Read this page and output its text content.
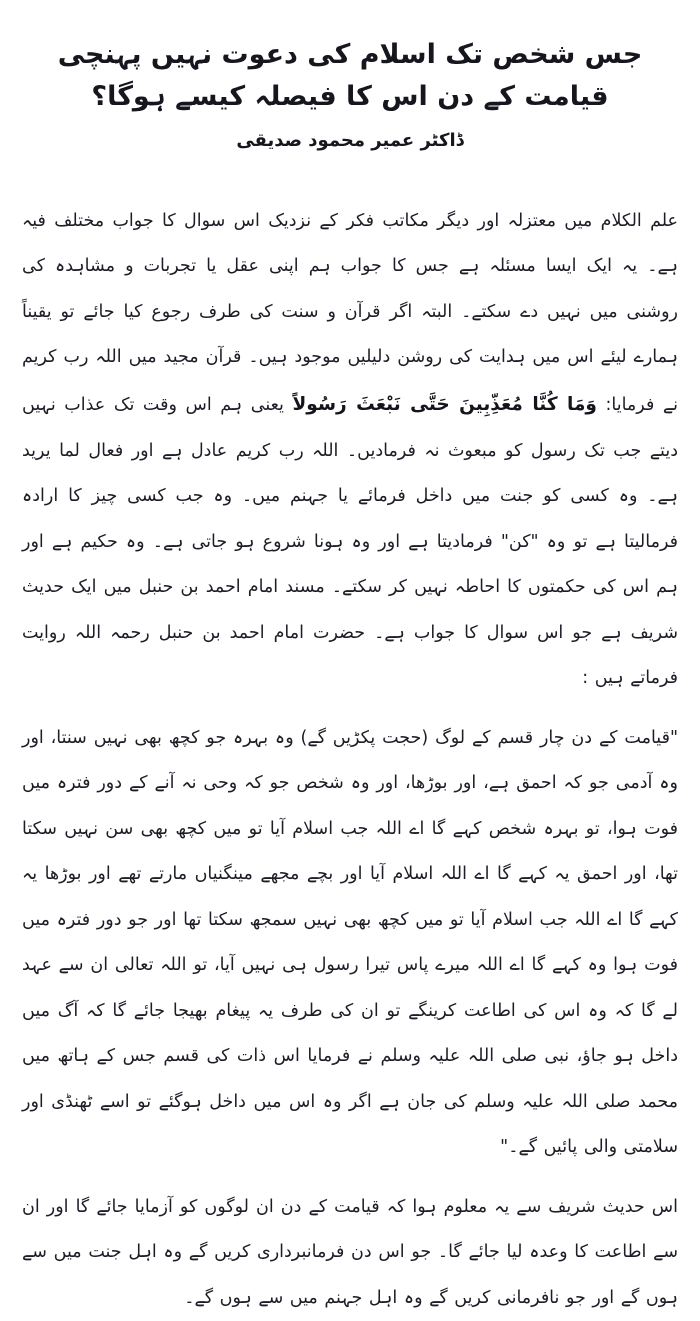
جس شخص تک اسلام کی دعوت نہیں پہنچی قیامت کے دن اس کا فیصلہ کیسے ہوگا؟
ڈاکٹر عمیر محمود صدیقی

علم الکلام میں معتزلہ اور دیگر مکاتب فکر کے نزدیک اس سوال کا جواب مختلف فیہ ہے۔ یہ ایک ایسا مسئلہ ہے جس کا جواب ہم اپنی عقل یا تجربات و مشاہدہ کی روشنی میں نہیں دے سکتے۔ البتہ اگر قرآن و سنت کی طرف رجوع کیا جائے تو یقیناً ہمارے لیئے اس میں ہدایت کی روشن دلیلیں موجود ہیں۔ قرآن مجید میں اللہ رب کریم نے فرمایا: وَمَا كُنَّا مُعَذِّبِينَ حَتَّى نَبْعَثَ رَسُولاً یعنی ہم اس وقت تک عذاب نہیں دیتے جب تک رسول کو مبعوث نہ فرمادیں۔ اللہ رب کریم عادل ہے اور فعال لما یرید ہے۔ وہ کسی کو جنت میں داخل فرمائے یا جہنم میں۔ وہ جب کسی چیز کا ارادہ فرمالیتا ہے تو وہ "کن" فرمادیتا ہے اور وہ ہونا شروع ہو جاتی ہے۔ وہ حکیم ہے اور ہم اس کی حکمتوں کا احاطہ نہیں کر سکتے۔ مسند امام احمد بن حنبل میں ایک حدیث شریف ہے جو اس سوال کا جواب ہے۔ حضرت امام احمد بن حنبل رحمہ اللہ روایت فرماتے ہیں :

"قیامت کے دن چار قسم کے لوگ (حجت پکڑیں گے) وہ بہرہ جو کچھ بھی نہیں سنتا، اور وہ آدمی جو کہ احمق ہے، اور بوڑھا، اور وہ شخص جو کہ وحی نہ آنے کے دور فترہ میں فوت ہوا، تو بہرہ شخص کہے گا اے اللہ جب اسلام آیا تو میں کچھ بھی سن نہیں سکتا تھا، اور احمق یہ کہے گا اے اللہ اسلام آیا اور بچے مجھے مینگنیاں مارتے تھے اور بوڑھا یہ کہے گا اے اللہ جب اسلام آیا تو میں کچھ بھی نہیں سمجھ سکتا تھا اور جو دور فترہ میں فوت ہوا وہ کہے گا اے اللہ میرے پاس تیرا رسول ہی نہیں آیا، تو اللہ تعالی ان سے عہد لے گا کہ وہ اس کی اطاعت کرینگے تو ان کی طرف یہ پیغام بھیجا جائے گا کہ آگ میں داخل ہو جاؤ، نبی صلی اللہ علیہ وسلم نے فرمایا اس ذات کی قسم جس کے ہاتھ میں محمد صلی اللہ علیہ وسلم کی جان ہے اگر وہ اس میں داخل ہوگئے تو اسے ٹھنڈی اور سلامتی والی پائیں گے۔"

اس حدیث شریف سے یہ معلوم ہوا کہ قیامت کے دن ان لوگوں کو آزمایا جائے گا اور ان سے اطاعت کا وعدہ لیا جائے گا۔ جو اس دن فرمانبرداری کریں گے وہ اہل جنت میں سے ہوں گے اور جو نافرمانی کریں گے وہ اہل جہنم میں سے ہوں گے۔
